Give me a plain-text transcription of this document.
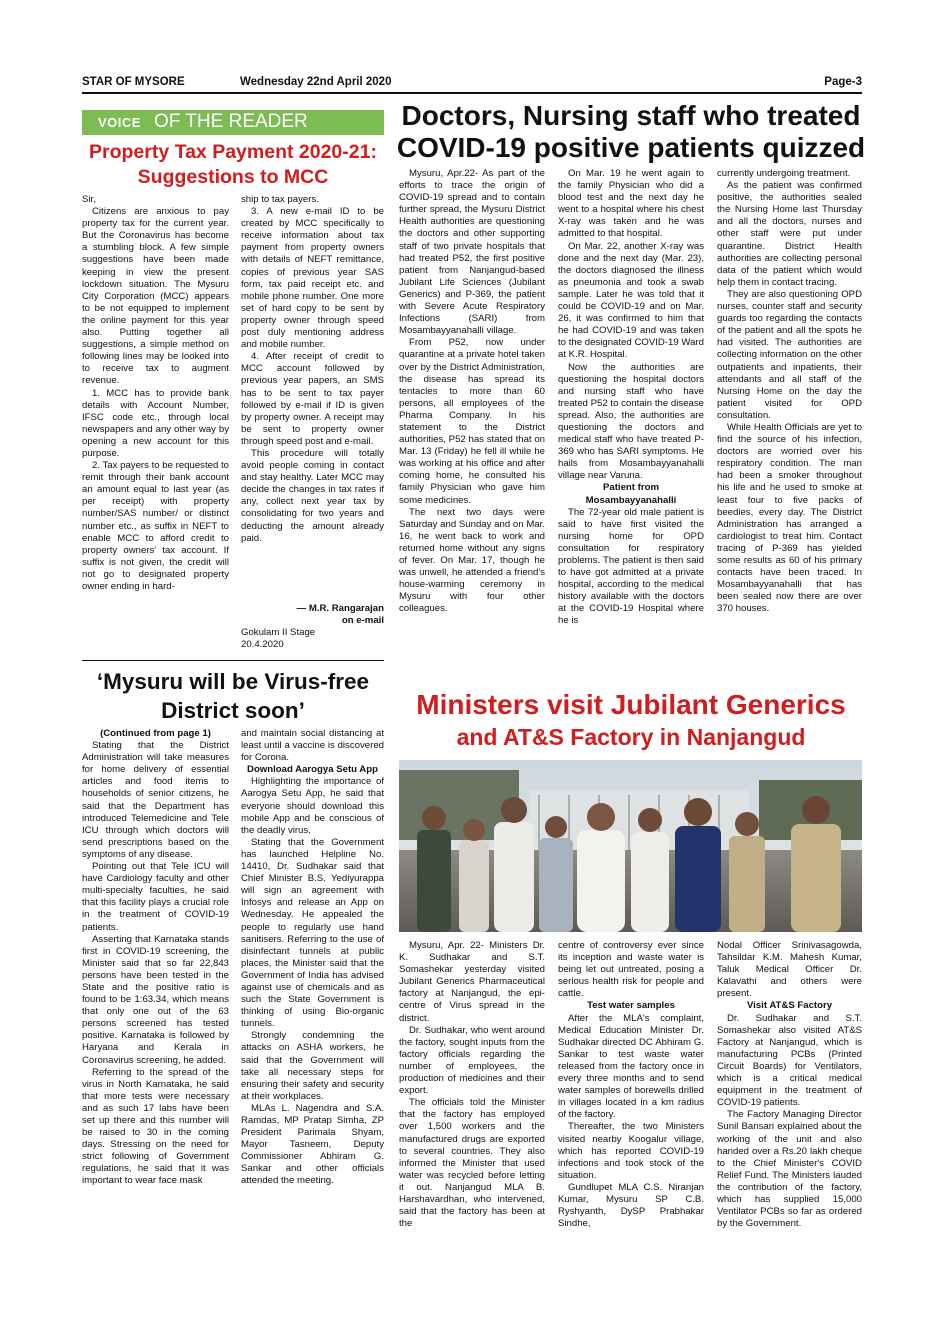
STAR OF MYSORE	Wednesday 22nd April 2020	Page-3
VOICE OF THE READER
Property Tax Payment 2020-21:
Suggestions to MCC

Sir,

Citizens are anxious to pay property tax for the current year. But the Coronavirus has become a stumbling block. A few simple suggestions have been made keeping in view the present lockdown situation. The Mysuru City Corporation (MCC) appears to be not equipped to implement the online payment for this year also. Putting together all suggestions, a simple method on following lines may be looked into to receive tax to augment revenue.

1. MCC has to provide bank details with Account Number, IFSC code etc., through local newspapers and any other way by opening a new account for this purpose.

2. Tax payers to be requested to remit through their bank account an amount equal to last year (as per receipt) with property number/SAS number/ or distinct number etc., as suffix in NEFT to enable MCC to afford credit to property owners' tax account. If suffix is not given, the credit will not go to designated property owner ending in hard-

ship to tax payers.

3. A new e-mail ID to be created by MCC specifically to receive information about tax payment from property owners with details of NEFT remittance, copies of previous year SAS form, tax paid receipt etc. and mobile phone number. One more set of hard copy to be sent by property owner through speed post duly mentioning address and mobile number.

4. After receipt of credit to MCC account followed by previous year papers, an SMS has to be sent to tax payer followed by e-mail if ID is given by property owner. A receipt may be sent to property owner through speed post and e-mail.

This procedure will totally avoid people coming in contact and stay healthy. Later MCC may decide the changes in tax rates if any, collect next year tax by consolidating for two years and deducting the amount already paid.

— M.R. Rangarajan

on e-mail

Gokulam II Stage

20.4.2020

Doctors, Nursing staff who treated
COVID-19 positive patients quizzed

Mysuru, Apr.22- As part of the efforts to trace the origin of COVID-19 spread and to contain further spread, the Mysuru District Health authorities are questioning the doctors and other supporting staff of two private hospitals that had treated P52, the first positive patient from Nanjangud-based Jubilant Life Sciences (Jubilant Generics) and P-369, the patient with Severe Acute Respiratory Infections (SARI) from Mosambayyanahalli village.

From P52, now under quarantine at a private hotel taken over by the District Administration, the disease has spread its tentacles to more than 60 persons, all employees of the Pharma Company. In his statement to the District authorities, P52 has stated that on Mar. 13 (Friday) he fell ill while he was working at his office and after coming home, he consulted his family Physician who gave him some medicines.

The next two days were Saturday and Sunday and on Mar. 16, he went back to work and returned home without any signs of fever. On Mar. 17, though he was unwell, he attended a friend's house-warming ceremony in Mysuru with four other colleagues.

On Mar. 19 he went again to the family Physician who did a blood test and the next day he went to a hospital where his chest X-ray was taken and he was admitted to that hospital.

On Mar. 22, another X-ray was done and the next day (Mar. 23), the doctors diagnosed the illness as pneumonia and took a swab sample. Later he was told that it could be COVID-19 and on Mar. 26, it was confirmed to him that he had COVID-19 and was taken to the designated COVID-19 Ward at K.R. Hospital.

Now the authorities are questioning the hospital doctors and nursing staff who have treated P52 to contain the disease spread. Also, the authorities are questioning the doctors and medical staff who have treated P-369 who has SARI symptoms. He hails from Mosambayyanahalli village near Varuna.

Patient from Mosambayyanahalli

The 72-year old male patient is said to have first visited the nursing home for OPD consultation for respiratory problems. The patient is then said to have got admitted at a private hospital, according to the medical history available with the doctors at the COVID-19 Hospital where he is

currently undergoing treatment.

As the patient was confirmed positive, the authorities sealed the Nursing Home last Thursday and all the doctors, nurses and other staff were put under quarantine. District Health authorities are collecting personal data of the patient which would help them in contact tracing.

They are also questioning OPD nurses, counter staff and security guards too regarding the contacts of the patient and all the spots he had visited. The authorities are collecting information on the other outpatients and inpatients, their attendants and all staff of the Nursing Home on the day the patient visited for OPD consultation.

While Health Officials are yet to find the source of his infection, doctors are worried over his respiratory condition. The man had been a smoker throughout his life and he used to smoke at least four to five packs of beedies, every day. The District Administration has arranged a cardiologist to treat him. Contact tracing of P-369 has yielded some results as 60 of his primary contacts have been traced. In Mosambayyanahalli that has been sealed now there are over 370 houses.

‘Mysuru will be Virus-free
District soon’

(Continued from page 1)

Stating that the District Administration will take measures for home delivery of essential articles and food items to households of senior citizens, he said that the Department has introduced Telemedicine and Tele ICU through which doctors will send prescriptions based on the symptoms of any disease.

Pointing out that Tele ICU will have Cardiology faculty and other multi-specialty faculties, he said that this facility plays a crucial role in the treatment of COVID-19 patients.

Asserting that Karnataka stands first in COVID-19 screening, the Minister said that so far 22,843 persons have been tested in the State and the positive ratio is found to be 1:63.34, which means that only one out of the 63 persons screened has tested positive. Karnataka is followed by Haryana and Kerala in Coronavirus screening, he added.

Referring to the spread of the virus in North Karnataka, he said that more tests were necessary and as such 17 labs have been set up there and this number will be raised to 30 in the coming days. Stressing on the need for strict following of Government regulations, he said that it was important to wear face mask

and maintain social distancing at least until a vaccine is discovered for Corona.

Download Aarogya Setu App

Highlighting the importance of Aarogya Setu App, he said that everyone should download this mobile App and be conscious of the deadly virus.

Stating that the Government has launched Helpline No. 14410, Dr. Sudhakar said that Chief Minister B.S. Yediyurappa will sign an agreement with Infosys and release an App on Wednesday. He appealed the people to regularly use hand sanitisers. Referring to the use of disinfectant tunnels at public places, the Minister said that the Government of India has advised against use of chemicals and as such the State Government is thinking of using Bio-organic tunnels.

Strongly condemning the attacks on ASHA workers, he said that the Government will take all necessary steps for ensuring their safety and security at their workplaces.

MLAs L. Nagendra and S.A. Ramdas, MP Pratap Simha, ZP President Parimala Shyam, Mayor Tasneem, Deputy Commissioner Abhiram G. Sankar and other officials attended the meeting.

Ministers visit Jubilant Generics
and AT&S Factory in Nanjangud

Mysuru, Apr. 22- Ministers Dr. K. Sudhakar and S.T. Somashekar yesterday visited Jubilant Generics Pharmaceutical factory at Nanjangud, the epi-centre of Virus spread in the district.

Dr. Sudhakar, who went around the factory, sought inputs from the factory officials regarding the number of employees, the production of medicines and their export.

The officials told the Minister that the factory has employed over 1,500 workers and the manufactured drugs are exported to several countries. They also informed the Minister that used water was recycled before letting it out. Nanjangud MLA B. Harshavardhan, who intervened, said that the factory has been at the

centre of controversy ever since its inception and waste water is being let out untreated, posing a serious health risk for people and cattle.

Test water samples

After the MLA's complaint, Medical Education Minister Dr. Sudhakar directed DC Abhiram G. Sankar to test waste water released from the factory once in every three months and to send water samples of borewells drilled in villages located in a km radius of the factory.

Thereafter, the two Ministers visited nearby Koogalur village, which has reported COVID-19 infections and took stock of the situation.

Gundlupet MLA C.S. Niranjan Kumar, Mysuru SP C.B. Ryshyanth, DySP Prabhakar Sindhe,

Nodal Officer Srinivasagowda, Tahsildar K.M. Mahesh Kumar, Taluk Medical Officer Dr. Kalavathi and others were present.

Visit AT&S Factory

Dr. Sudhakar and S.T. Somashekar also visited AT&S Factory at Nanjangud, which is manufacturing PCBs (Printed Circuit Boards) for Ventilators, which is a critical medical equipment in the treatment of COVID-19 patients.

The Factory Managing Director Sunil Bansari explained about the working of the unit and also handed over a Rs.20 lakh cheque to the Chief Minister's COVID Relief Fund. The Ministers lauded the contribution of the factory, which has supplied 15,000 Ventilator PCBs so far as ordered by the Government.
